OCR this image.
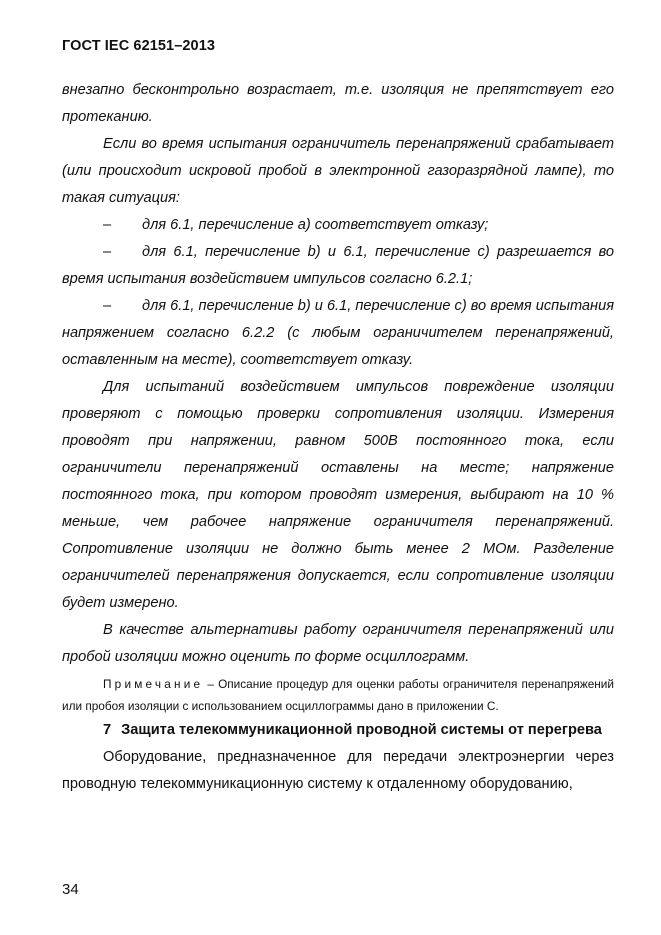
ГОСТ IEC 62151–2013

внезапно бесконтрольно возрастает, т.е. изоляция не препятствует его протеканию.

Если во время испытания ограничитель перенапряжений срабатывает (или происходит искровой пробой в электронной газоразрядной лампе), то такая ситуация:

– для 6.1, перечисление a) соответствует отказу;

– для 6.1, перечисление b) и 6.1, перечисление c) разрешается во время испытания воздействием импульсов согласно 6.2.1;

– для 6.1, перечисление b) и 6.1, перечисление c) во время испытания напряжением согласно 6.2.2 (с любым ограничителем перенапряжений, оставленным на месте), соответствует отказу.

Для испытаний воздействием импульсов повреждение изоляции проверяют с помощью проверки сопротивления изоляции. Измерения проводят при напряжении, равном 500В постоянного тока, если ограничители перенапряжений оставлены на месте; напряжение постоянного тока, при котором проводят измерения, выбирают на 10 % меньше, чем рабочее напряжение ограничителя перенапряжений. Сопротивление изоляции не должно быть менее 2 МОм. Разделение ограничителей перенапряжения допускается, если сопротивление изоляции будет измерено.

В качестве альтернативы работу ограничителя перенапряжений или пробой изоляции можно оценить по форме осциллограмм.

Примечание – Описание процедур для оценки работы ограничителя перенапряжений или пробоя изоляции с использованием осциллограммы дано в приложении С.

7 Защита телекоммуникационной проводной системы от перегрева

Оборудование, предназначенное для передачи электроэнергии через проводную телекоммуникационную систему к отдаленному оборудованию,

34
